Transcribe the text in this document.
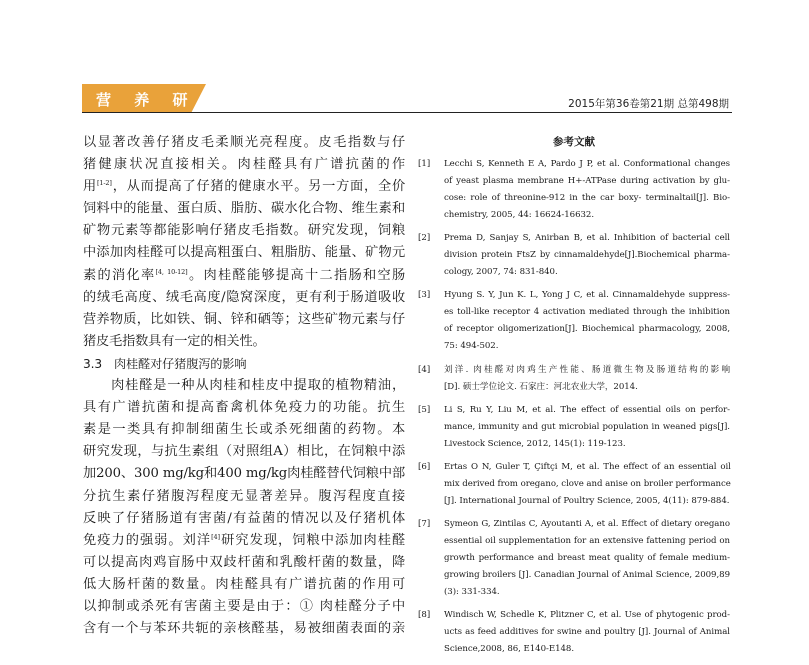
营 养 研 究	2015年第36卷第21期 总第498期
以显著改善仔猪皮毛柔顺光亮程度。皮毛指数与仔
猪健康状况直接相关。肉桂醛具有广谱抗菌的作
用[1-2]，从而提高了仔猪的健康水平。另一方面，全价
饲料中的能量、蛋白质、脂肪、碳水化合物、维生素和
矿物元素等都能影响仔猪皮毛指数。研究发现，饲粮
中添加肉桂醛可以提高粗蛋白、粗脂肪、能量、矿物元
素的消化率[4, 10-12]。肉桂醛能够提高十二指肠和空肠
的绒毛高度、绒毛高度/隐窝深度，更有利于肠道吸收
营养物质，比如铁、铜、锌和硒等；这些矿物元素与仔
猪皮毛指数具有一定的相关性。
3.3　肉桂醛对仔猪腹泻的影响
　　肉桂醛是一种从肉桂和桂皮中提取的植物精油，
具有广谱抗菌和提高畜禽机体免疫力的功能。抗生
素是一类具有抑制细菌生长或杀死细菌的药物。本
研究发现，与抗生素组（对照组A）相比，在饲粮中添
加200、300 mg/kg和400 mg/kg肉桂醛替代饲粮中部
分抗生素仔猪腹泻程度无显著差异。腹泻程度直接
反映了仔猪肠道有害菌/有益菌的情况以及仔猪机体
免疫力的强弱。刘洋[4]研究发现，饲粮中添加肉桂醛
可以提高肉鸡盲肠中双歧杆菌和乳酸杆菌的数量，降
低大肠杆菌的数量。肉桂醛具有广谱抗菌的作用可
以抑制或杀死有害菌主要是由于：① 肉桂醛分子中
含有一个与苯环共轭的亲核醛基，易被细菌表面的亲
参考文献
[1]	Lecchi S, Kenneth E A, Pardo J P, et al. Conformational changes
of yeast plasma membrane H+-ATPase during activation by glu-
cose: role of threonine-912 in the car boxy- terminaltail[J]. Bio-
chemistry, 2005, 44: 16624-16632.
[2]	Prema D, Sanjay S, Anirban B, et al. Inhibition of bacterial cell
division protein FtsZ by cinnamaldehyde[J].Biochemical pharma-
cology, 2007, 74: 831-840.
[3]	Hyung S. Y, Jun K. L, Yong J C, et al. Cinnamaldehyde suppress-
es toll-like receptor 4 activation mediated through the inhibition
of receptor oligomerization[J]. Biochemical pharmacology, 2008,
75: 494-502.
[4]	刘洋. 肉桂醛对肉鸡生产性能、肠道微生物及肠道结构的影响
[D]. 硕士学位论文. 石家庄：河北农业大学，2014.
[5]	Li S, Ru Y, Liu M, et al. The effect of essential oils on perfor-
mance, immunity and gut microbial population in weaned pigs[J].
Livestock Science, 2012, 145(1): 119-123.
[6]	Ertas O N, Guler T, Çiftçi M, et al. The effect of an essential oil
mix derived from oregano, clove and anise on broiler performance
[J]. International Journal of Poultry Science, 2005, 4(11): 879-884.
[7]	Symeon G, Zintilas C, Ayoutanti A, et al. Effect of dietary oregano
essential oil supplementation for an extensive fattening period on
growth performance and breast meat quality of female medium-
growing broilers [J]. Canadian Journal of Animal Science, 2009,89
(3): 331-334.
[8]	Windisch W, Schedle K, Plitzner C, et al. Use of phytogenic prod-
ucts as feed additives for swine and poultry [J]. Journal of Animal
Science,2008, 86, E140-E148.
